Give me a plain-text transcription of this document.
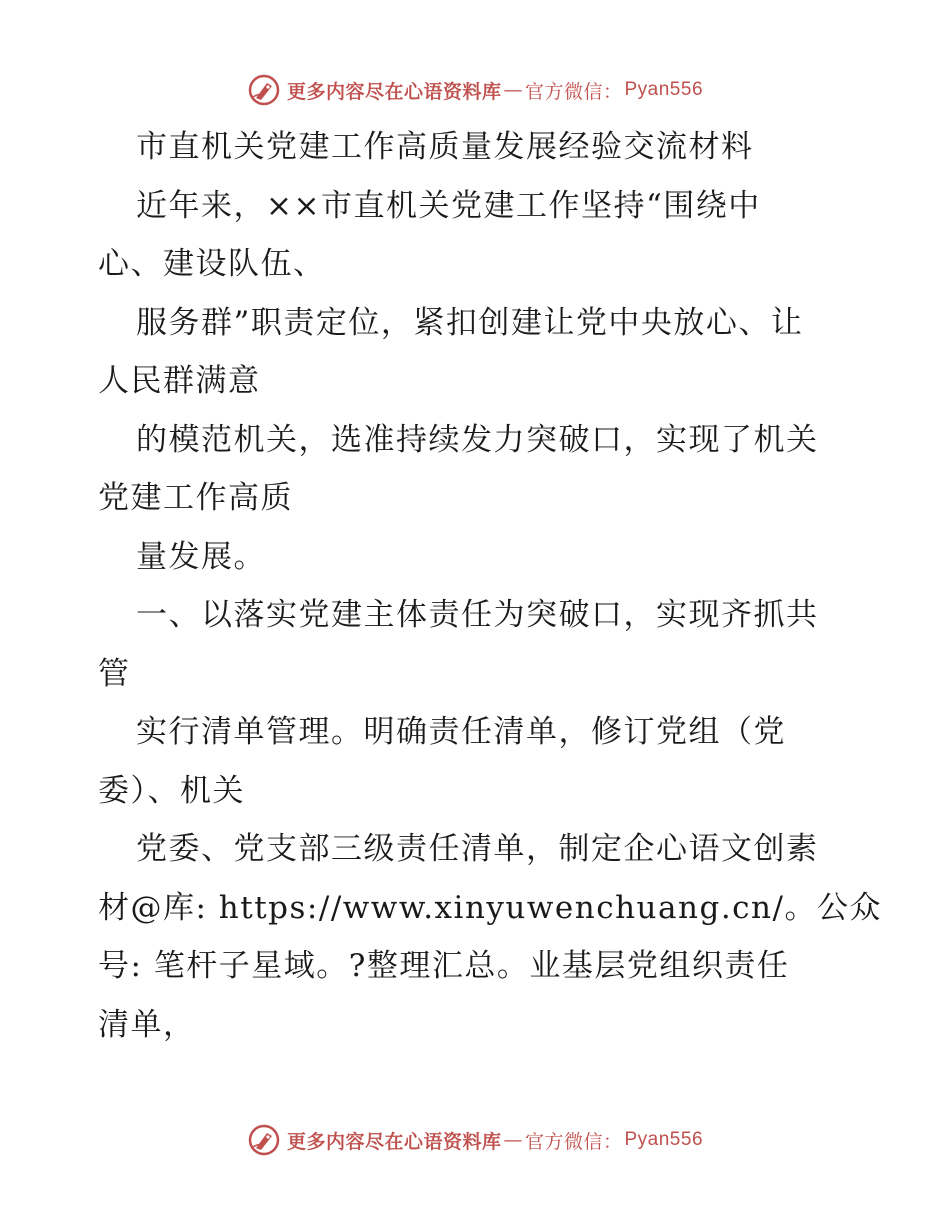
更多内容尽在心语资料库 — 官方微信： Pyan556
市直机关党建工作高质量发展经验交流材料
近年来，××市直机关党建工作坚持“围绕中
心、建设队伍、
服务群”职责定位，紧扣创建让党中央放心、让
人民群满意
的模范机关，选准持续发力突破口，实现了机关
党建工作高质
量发展。
一、以落实党建主体责任为突破口，实现齐抓共
管
实行清单管理。明确责任清单，修订党组（党
委）、机关
党委、党支部三级责任清单，制定企心语文创素
材@库: https://www.xinyuwenchuang.cn/。公众
号: 笔杆子星域。?整理汇总。业基层党组织责任
清单，
更多内容尽在心语资料库 — 官方微信： Pyan556
